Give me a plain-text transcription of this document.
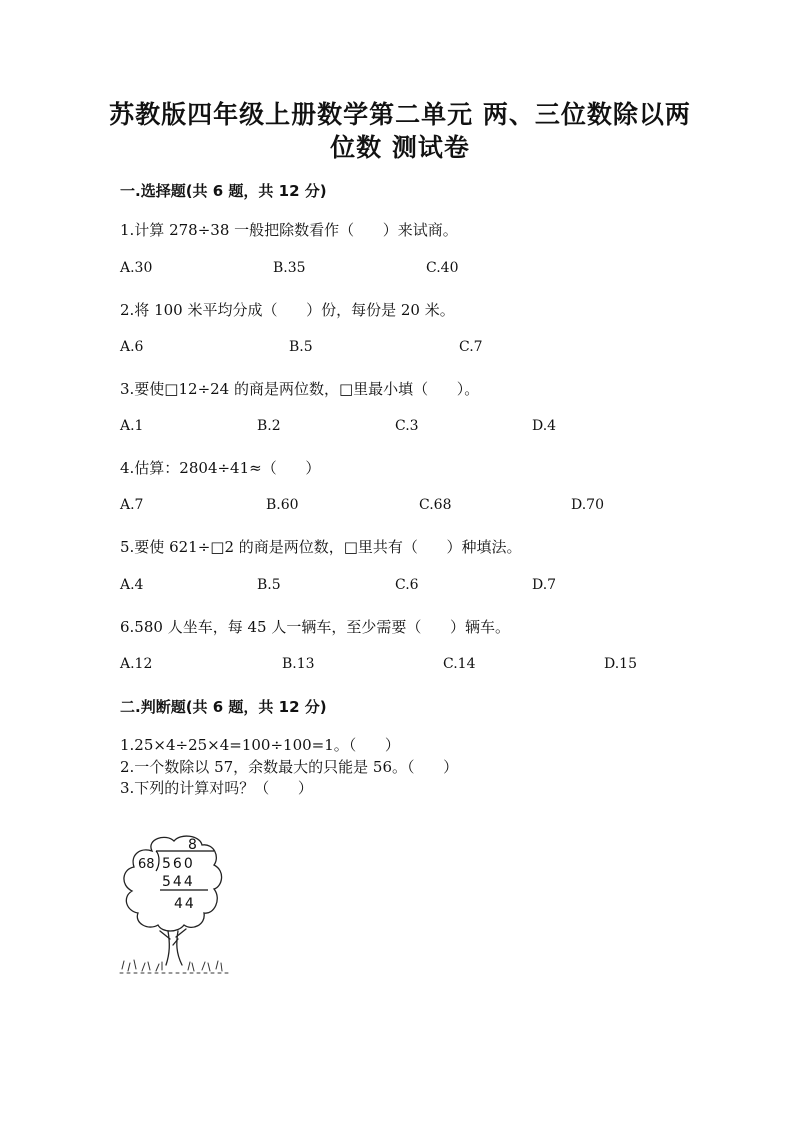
苏教版四年级上册数学第二单元 两、三位数除以两
位数 测试卷
一.选择题(共 6 题，共 12 分)
1.计算 278÷38 一般把除数看作（      ）来试商。
A.30	B.35	C.40
2.将 100 米平均分成（      ）份，每份是 20 米。
A.6	B.5	C.7
3.要使□12÷24 的商是两位数，□里最小填（      ）。
A.1	B.2	C.3	D.4
4.估算：2804÷41≈（      ）
A.7	B.60	C.68	D.70
5.要使 621÷□2 的商是两位数，□里共有（      ）种填法。
A.4	B.5	C.6	D.7
6.580 人坐车，每 45 人一辆车，至少需要（      ）辆车。
A.12	B.13	C.14	D.15
二.判断题(共 6 题，共 12 分)
1.25×4÷25×4=100÷100=1。（      ）
2.一个数除以 57，余数最大的只能是 56。（      ）
3.下列的计算对吗？（      ）
8
68 560
544
44
